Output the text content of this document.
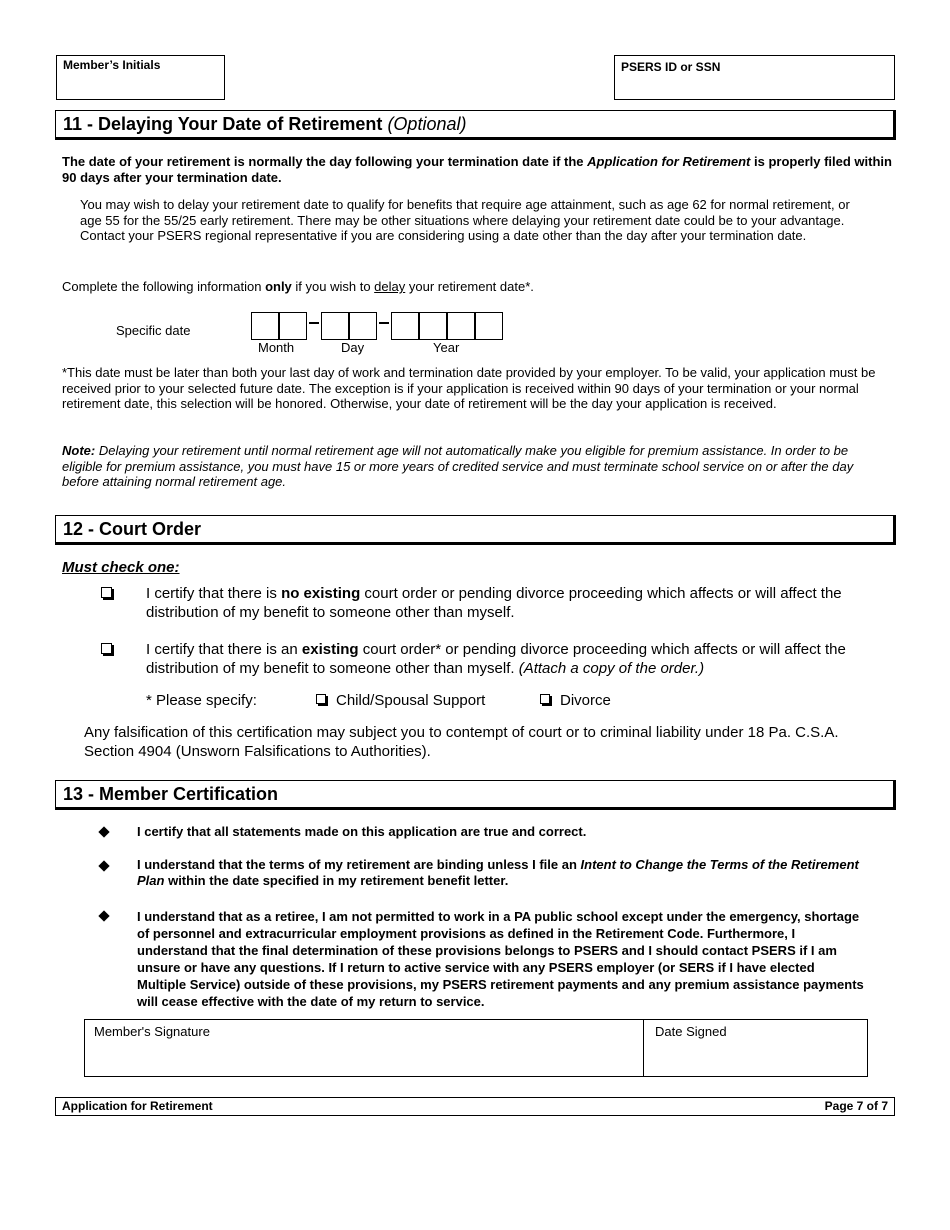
Member’s Initials	PSERS ID or SSN
11 - Delaying Your Date of Retirement (Optional)
The date of your retirement is normally the day following your termination date if the Application for Retirement is properly filed within 90 days after your termination date.
You may wish to delay your retirement date to qualify for benefits that require age attainment, such as age 62 for normal retirement, or age 55 for the 55/25 early retirement. There may be other situations where delaying your retirement date could be to your advantage. Contact your PSERS regional representative if you are considering using a date other than the day after your termination date.
Complete the following information only if you wish to delay your retirement date*.
Specific date
Month	Day	Year
*This date must be later than both your last day of work and termination date provided by your employer. To be valid, your application must be received prior to your selected future date. The exception is if your application is received within 90 days of your termination or your normal retirement date, this selection will be honored. Otherwise, your date of retirement will be the day your application is received.
Note: Delaying your retirement until normal retirement age will not automatically make you eligible for premium assistance. In order to be eligible for premium assistance, you must have 15 or more years of credited service and must terminate school service on or after the day before attaining normal retirement age.
12 - Court Order
Must check one:
I certify that there is no existing court order or pending divorce proceeding which affects or will affect the distribution of my benefit to someone other than myself.
I certify that there is an existing court order* or pending divorce proceeding which affects or will affect the distribution of my benefit to someone other than myself. (Attach a copy of the order.)
* Please specify:	Child/Spousal Support	Divorce
Any falsification of this certification may subject you to contempt of court or to criminal liability under 18 Pa. C.S.A. Section 4904 (Unsworn Falsifications to Authorities).
13 - Member Certification
I certify that all statements made on this application are true and correct.
I understand that the terms of my retirement are binding unless I file an Intent to Change the Terms of the Retirement Plan within the date specified in my retirement benefit letter.
I understand that as a retiree, I am not permitted to work in a PA public school except under the emergency, shortage of personnel and extracurricular employment provisions as defined in the Retirement Code. Furthermore, I understand that the final determination of these provisions belongs to PSERS and I should contact PSERS if I am unsure or have any questions. If I return to active service with any PSERS employer (or SERS if I have elected Multiple Service) outside of these provisions, my PSERS retirement payments and any premium assistance payments will cease effective with the date of my return to service.
Member's Signature	Date Signed
Application for Retirement	Page 7 of 7
